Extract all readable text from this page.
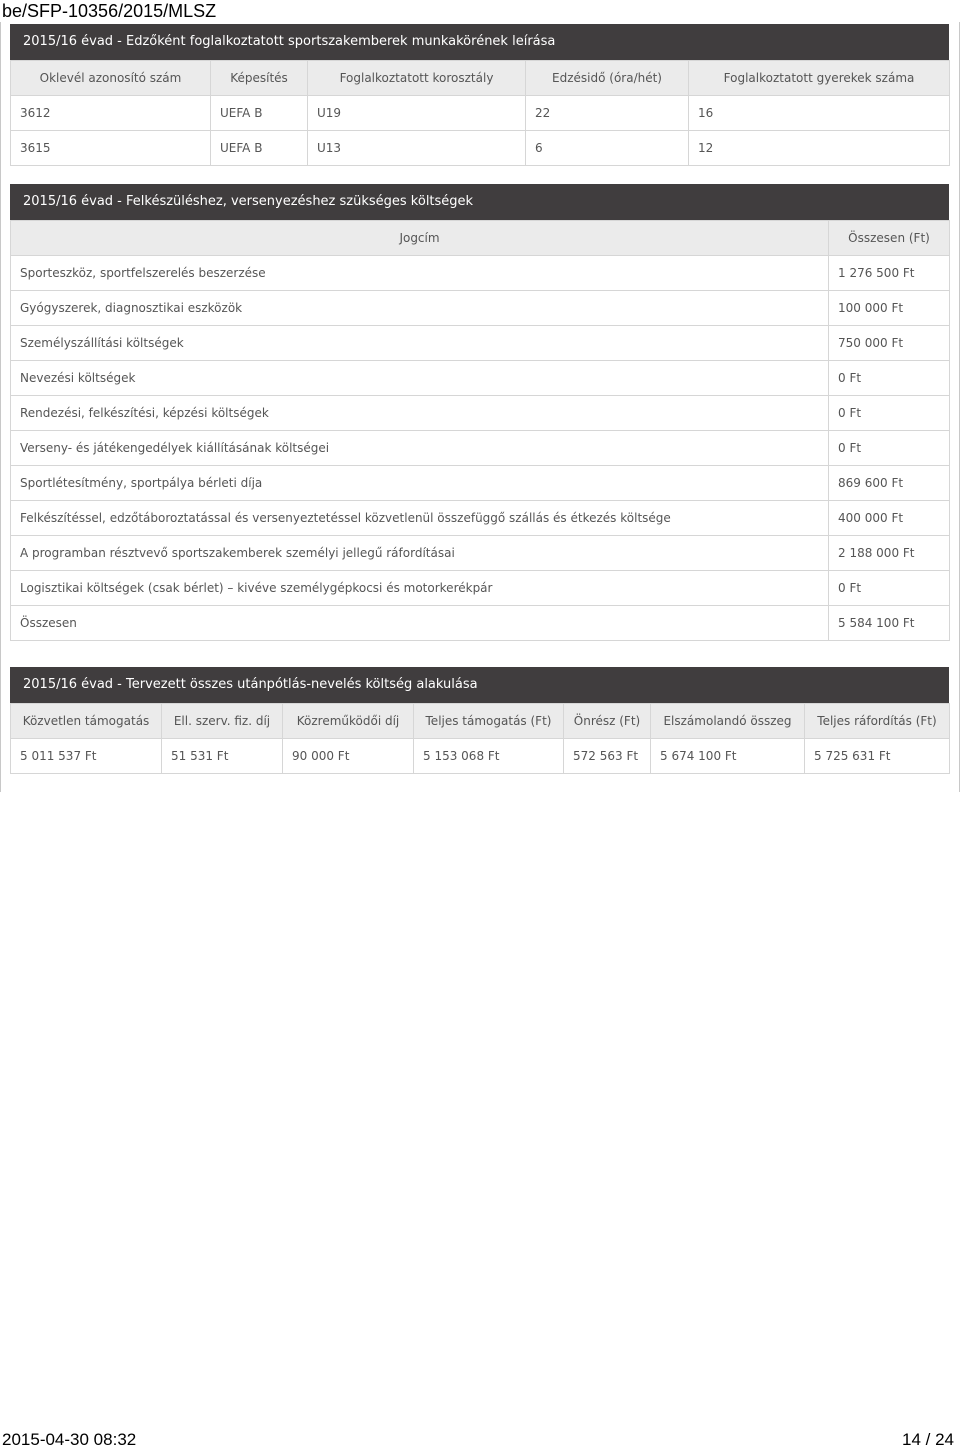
be/SFP-10356/2015/MLSZ
2015/16 évad - Edzőként foglalkoztatott sportszakemberek munkakörének leírása
Oklevél azonosító szám	Képesítés	Foglalkoztatott korosztály	Edzésidő (óra/hét)	Foglalkoztatott gyerekek száma
3612	UEFA B	U19	22	16
3615	UEFA B	U13	6	12
2015/16 évad - Felkészüléshez, versenyezéshez szükséges költségek
Jogcím	Összesen (Ft)
Sporteszköz, sportfelszerelés beszerzése	1 276 500 Ft
Gyógyszerek, diagnosztikai eszközök	100 000 Ft
Személyszállítási költségek	750 000 Ft
Nevezési költségek	0 Ft
Rendezési, felkészítési, képzési költségek	0 Ft
Verseny- és játékengedélyek kiállításának költségei	0 Ft
Sportlétesítmény, sportpálya bérleti díja	869 600 Ft
Felkészítéssel, edzőtáboroztatással és versenyeztetéssel közvetlenül összefüggő szállás és étkezés költsége	400 000 Ft
A programban résztvevő sportszakemberek személyi jellegű ráfordításai	2 188 000 Ft
Logisztikai költségek (csak bérlet) – kivéve személygépkocsi és motorkerékpár	0 Ft
Összesen	5 584 100 Ft
2015/16 évad - Tervezett összes utánpótlás-nevelés költség alakulása
Közvetlen támogatás	Ell. szerv. fiz. díj	Közreműködői díj	Teljes támogatás (Ft)	Önrész (Ft)	Elszámolandó összeg	Teljes ráfordítás (Ft)
5 011 537 Ft	51 531 Ft	90 000 Ft	5 153 068 Ft	572 563 Ft	5 674 100 Ft	5 725 631 Ft
2015-04-30 08:32	14 / 24
